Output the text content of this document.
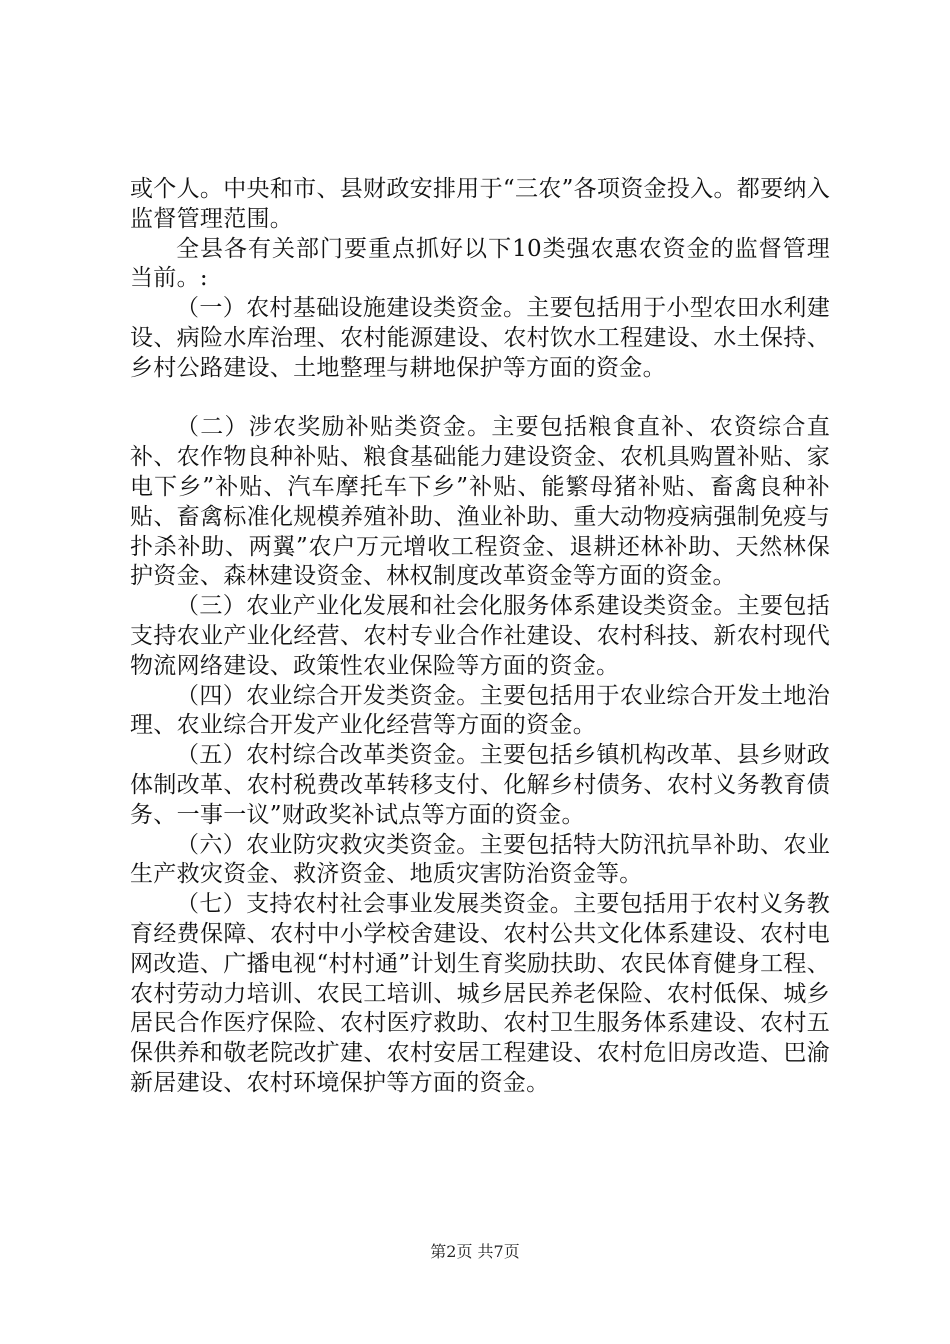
或个人。中央和市、县财政安排用于“三农”各项资金投入。都要纳入监督管理范围。

全县各有关部门要重点抓好以下10类强农惠农资金的监督管理当前。:

（一）农村基础设施建设类资金。主要包括用于小型农田水利建设、病险水库治理、农村能源建设、农村饮水工程建设、水土保持、乡村公路建设、土地整理与耕地保护等方面的资金。

（二）涉农奖励补贴类资金。主要包括粮食直补、农资综合直补、农作物良种补贴、粮食基础能力建设资金、农机具购置补贴、家电下乡”补贴、汽车摩托车下乡”补贴、能繁母猪补贴、畜禽良种补贴、畜禽标准化规模养殖补助、渔业补助、重大动物疫病强制免疫与扑杀补助、两翼”农户万元增收工程资金、退耕还林补助、天然林保护资金、森林建设资金、林权制度改革资金等方面的资金。

（三）农业产业化发展和社会化服务体系建设类资金。主要包括支持农业产业化经营、农村专业合作社建设、农村科技、新农村现代物流网络建设、政策性农业保险等方面的资金。

（四）农业综合开发类资金。主要包括用于农业综合开发土地治理、农业综合开发产业化经营等方面的资金。

（五）农村综合改革类资金。主要包括乡镇机构改革、县乡财政体制改革、农村税费改革转移支付、化解乡村债务、农村义务教育债务、一事一议”财政奖补试点等方面的资金。

（六）农业防灾救灾类资金。主要包括特大防汛抗旱补助、农业生产救灾资金、救济资金、地质灾害防治资金等。

（七）支持农村社会事业发展类资金。主要包括用于农村义务教育经费保障、农村中小学校舍建设、农村公共文化体系建设、农村电网改造、广播电视“村村通”计划生育奖励扶助、农民体育健身工程、农村劳动力培训、农民工培训、城乡居民养老保险、农村低保、城乡居民合作医疗保险、农村医疗救助、农村卫生服务体系建设、农村五保供养和敬老院改扩建、农村安居工程建设、农村危旧房改造、巴渝新居建设、农村环境保护等方面的资金。

第2页 共7页
